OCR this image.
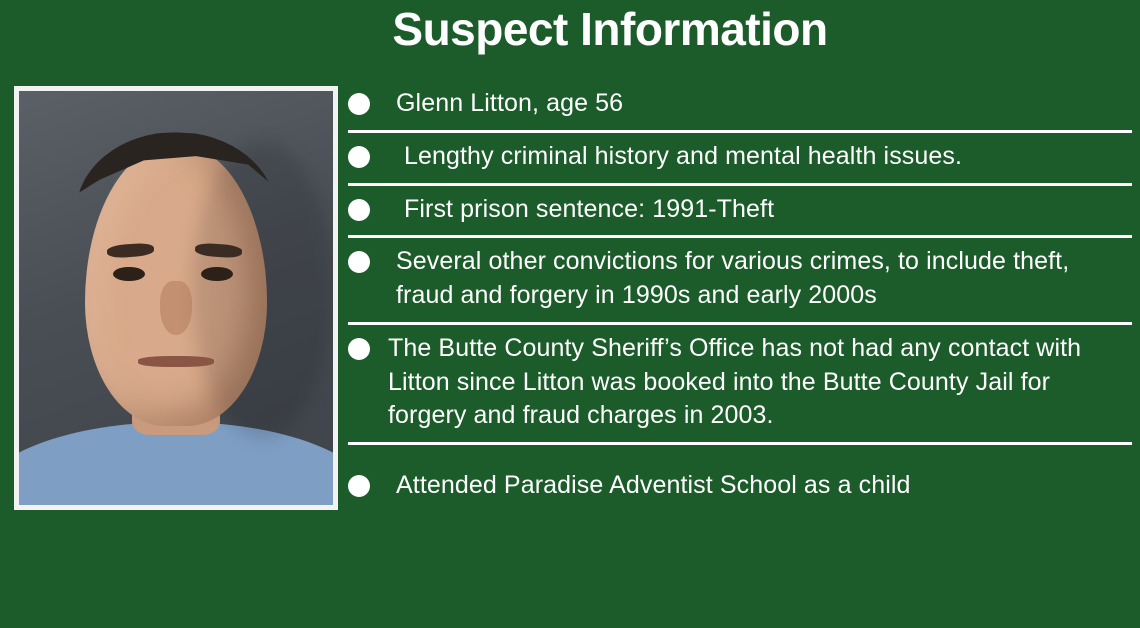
Suspect Information
Glenn Litton, age 56
Lengthy criminal history and mental health issues.
First prison sentence: 1991-Theft
Several other convictions for various crimes, to include theft, fraud and forgery in 1990s and early 2000s
The Butte County Sheriff’s Office has not had any contact with Litton since Litton was booked into the Butte County Jail for forgery and fraud charges in 2003.
Attended Paradise Adventist School as a child
